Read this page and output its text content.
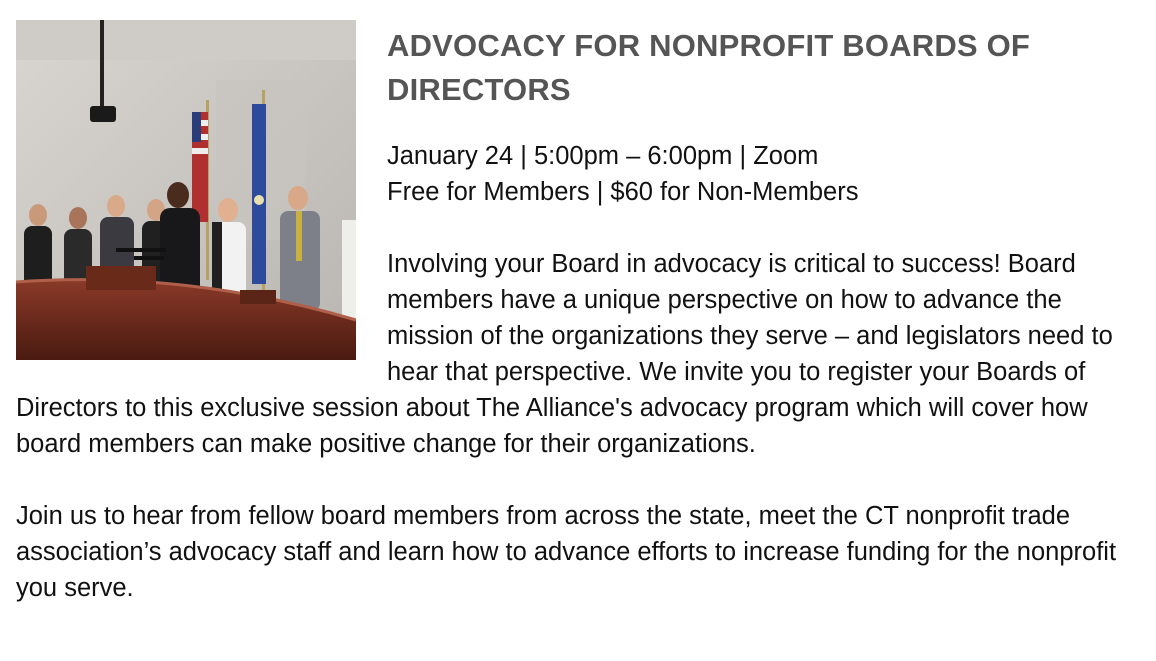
ADVOCACY FOR NONPROFIT BOARDS OF DIRECTORS
January 24 | 5:00pm – 6:00pm | Zoom
Free for Members | $60 for Non-Members
Involving your Board in advocacy is critical to success! Board members have a unique perspective on how to advance the mission of the organizations they serve – and legislators need to hear that perspective. We invite you to register your Boards of Directors to this exclusive session about The Alliance's advocacy program which will cover how board members can make positive change for their organizations.
Join us to hear from fellow board members from across the state, meet the CT nonprofit trade association’s advocacy staff and learn how to advance efforts to increase funding for the nonprofit you serve.
